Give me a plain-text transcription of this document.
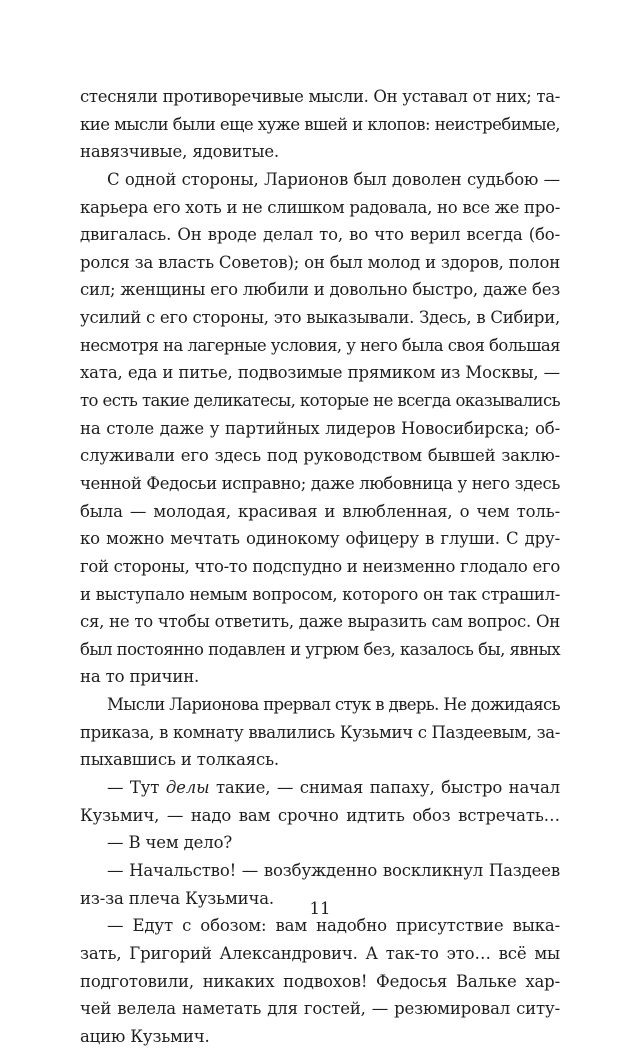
стесняли противоречивые мысли. Он уставал от них; та-
кие мысли были еще хуже вшей и клопов: неистребимые,
навязчивые, ядовитые.
С одной стороны, Ларионов был доволен судьбою —
карьера его хоть и не слишком радовала, но все же про-
двигалась. Он вроде делал то, во что верил всегда (бо-
ролся за власть Советов); он был молод и здоров, полон
сил; женщины его любили и довольно быстро, даже без
усилий с его стороны, это выказывали. Здесь, в Сибири,
несмотря на лагерные условия, у него была своя большая
хата, еда и питье, подвозимые прямиком из Москвы, —
то есть такие деликатесы, которые не всегда оказывались
на столе даже у партийных лидеров Новосибирска; об-
служивали его здесь под руководством бывшей заклю-
ченной Федосьи исправно; даже любовница у него здесь
была — молодая, красивая и влюбленная, о чем толь-
ко можно мечтать одинокому офицеру в глуши. С дру-
гой стороны, что-то подспудно и неизменно глодало его
и выступало немым вопросом, которого он так страшил-
ся, не то чтобы ответить, даже выразить сам вопрос. Он
был постоянно подавлен и угрюм без, казалось бы, явных
на то причин.
Мысли Ларионова прервал стук в дверь. Не дожидаясь
приказа, в комнату ввалились Кузьмич с Паздеевым, за-
пыхавшись и толкаясь.
— Тут делы такие, — снимая папаху, быстро начал
Кузьмич, — надо вам срочно идтить обоз встречать…
— В чем дело?
— Начальство! — возбужденно воскликнул Паздеев
из-за плеча Кузьмича.
— Едут с обозом: вам надобно присутствие выка-
зать, Григорий Александрович. А так-то это… всё мы
подготовили, никаких подвохов! Федосья Вальке хар-
чей велела наметать для гостей, — резюмировал ситу-
ацию Кузьмич.
11
